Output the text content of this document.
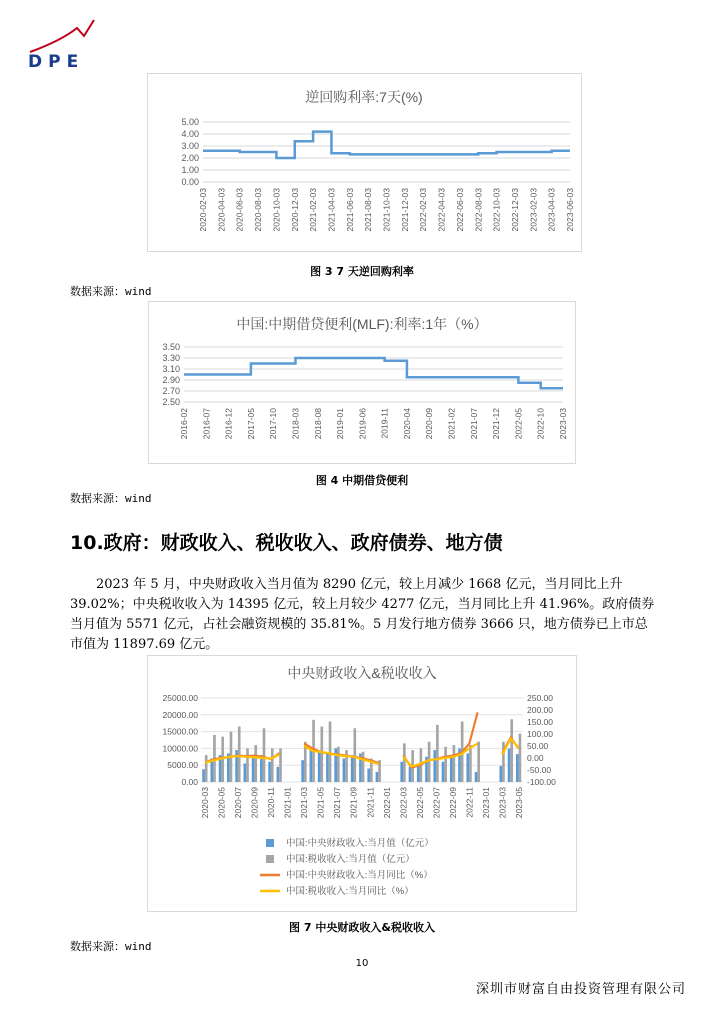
DPE
逆回购利率:7天(%)
5.00
4.00
3.00
2.00
1.00
0.00
2020-02-03 2020-04-03 2020-06-03 2020-08-03 2020-10-03 2020-12-03 2021-02-03 2021-04-03 2021-06-03 2021-08-03 2021-10-03 2021-12-03 2022-02-03 2022-04-03 2022-06-03 2022-08-03 2022-10-03 2022-12-03 2023-02-03 2023-04-03 2023-06-03
图 3 7 天逆回购利率
数据来源：wind
中国:中期借贷便利(MLF):利率:1年（%）
3.50
3.30
3.10
2.90
2.70
2.50
2016-02 2016-07 2016-12 2017-05 2017-10 2018-03 2018-08 2019-01 2019-06 2019-11 2020-04 2020-09 2021-02 2021-07 2021-12 2022-05 2022-10 2023-03
图 4 中期借贷便利
数据来源：wind
10.政府：财政收入、税收收入、政府债券、地方债
2023 年 5 月，中央财政收入当月值为 8290 亿元，较上月减少 1668 亿元，当月同比上升 39.02%；中央税收收入为 14395 亿元，较上月较少 4277 亿元，当月同比上升 41.96%。政府债券当月值为 5571 亿元，占社会融资规模的 35.81%。5 月发行地方债券 3666 只，地方债券已上市总市值为 11897.69 亿元。
中央财政收入&税收收入
25000.00
20000.00
15000.00
10000.00
5000.00
0.00
250.00
200.00
150.00
100.00
50.00
0.00
-50.00
-100.00
2020-03 2020-05 2020-07 2020-09 2020-11 2021-01 2021-03 2021-05 2021-07 2021-09 2021-11 2022-01 2022-03 2022-05 2022-07 2022-09 2022-11 2023-01 2023-03 2023-05
中国:中央财政收入:当月值（亿元）
中国:税收收入:当月值（亿元）
中国:中央财政收入:当月同比（%）
中国:税收收入:当月同比（%）
图 7 中央财政收入&税收收入
数据来源：wind
10
深圳市财富自由投资管理有限公司
